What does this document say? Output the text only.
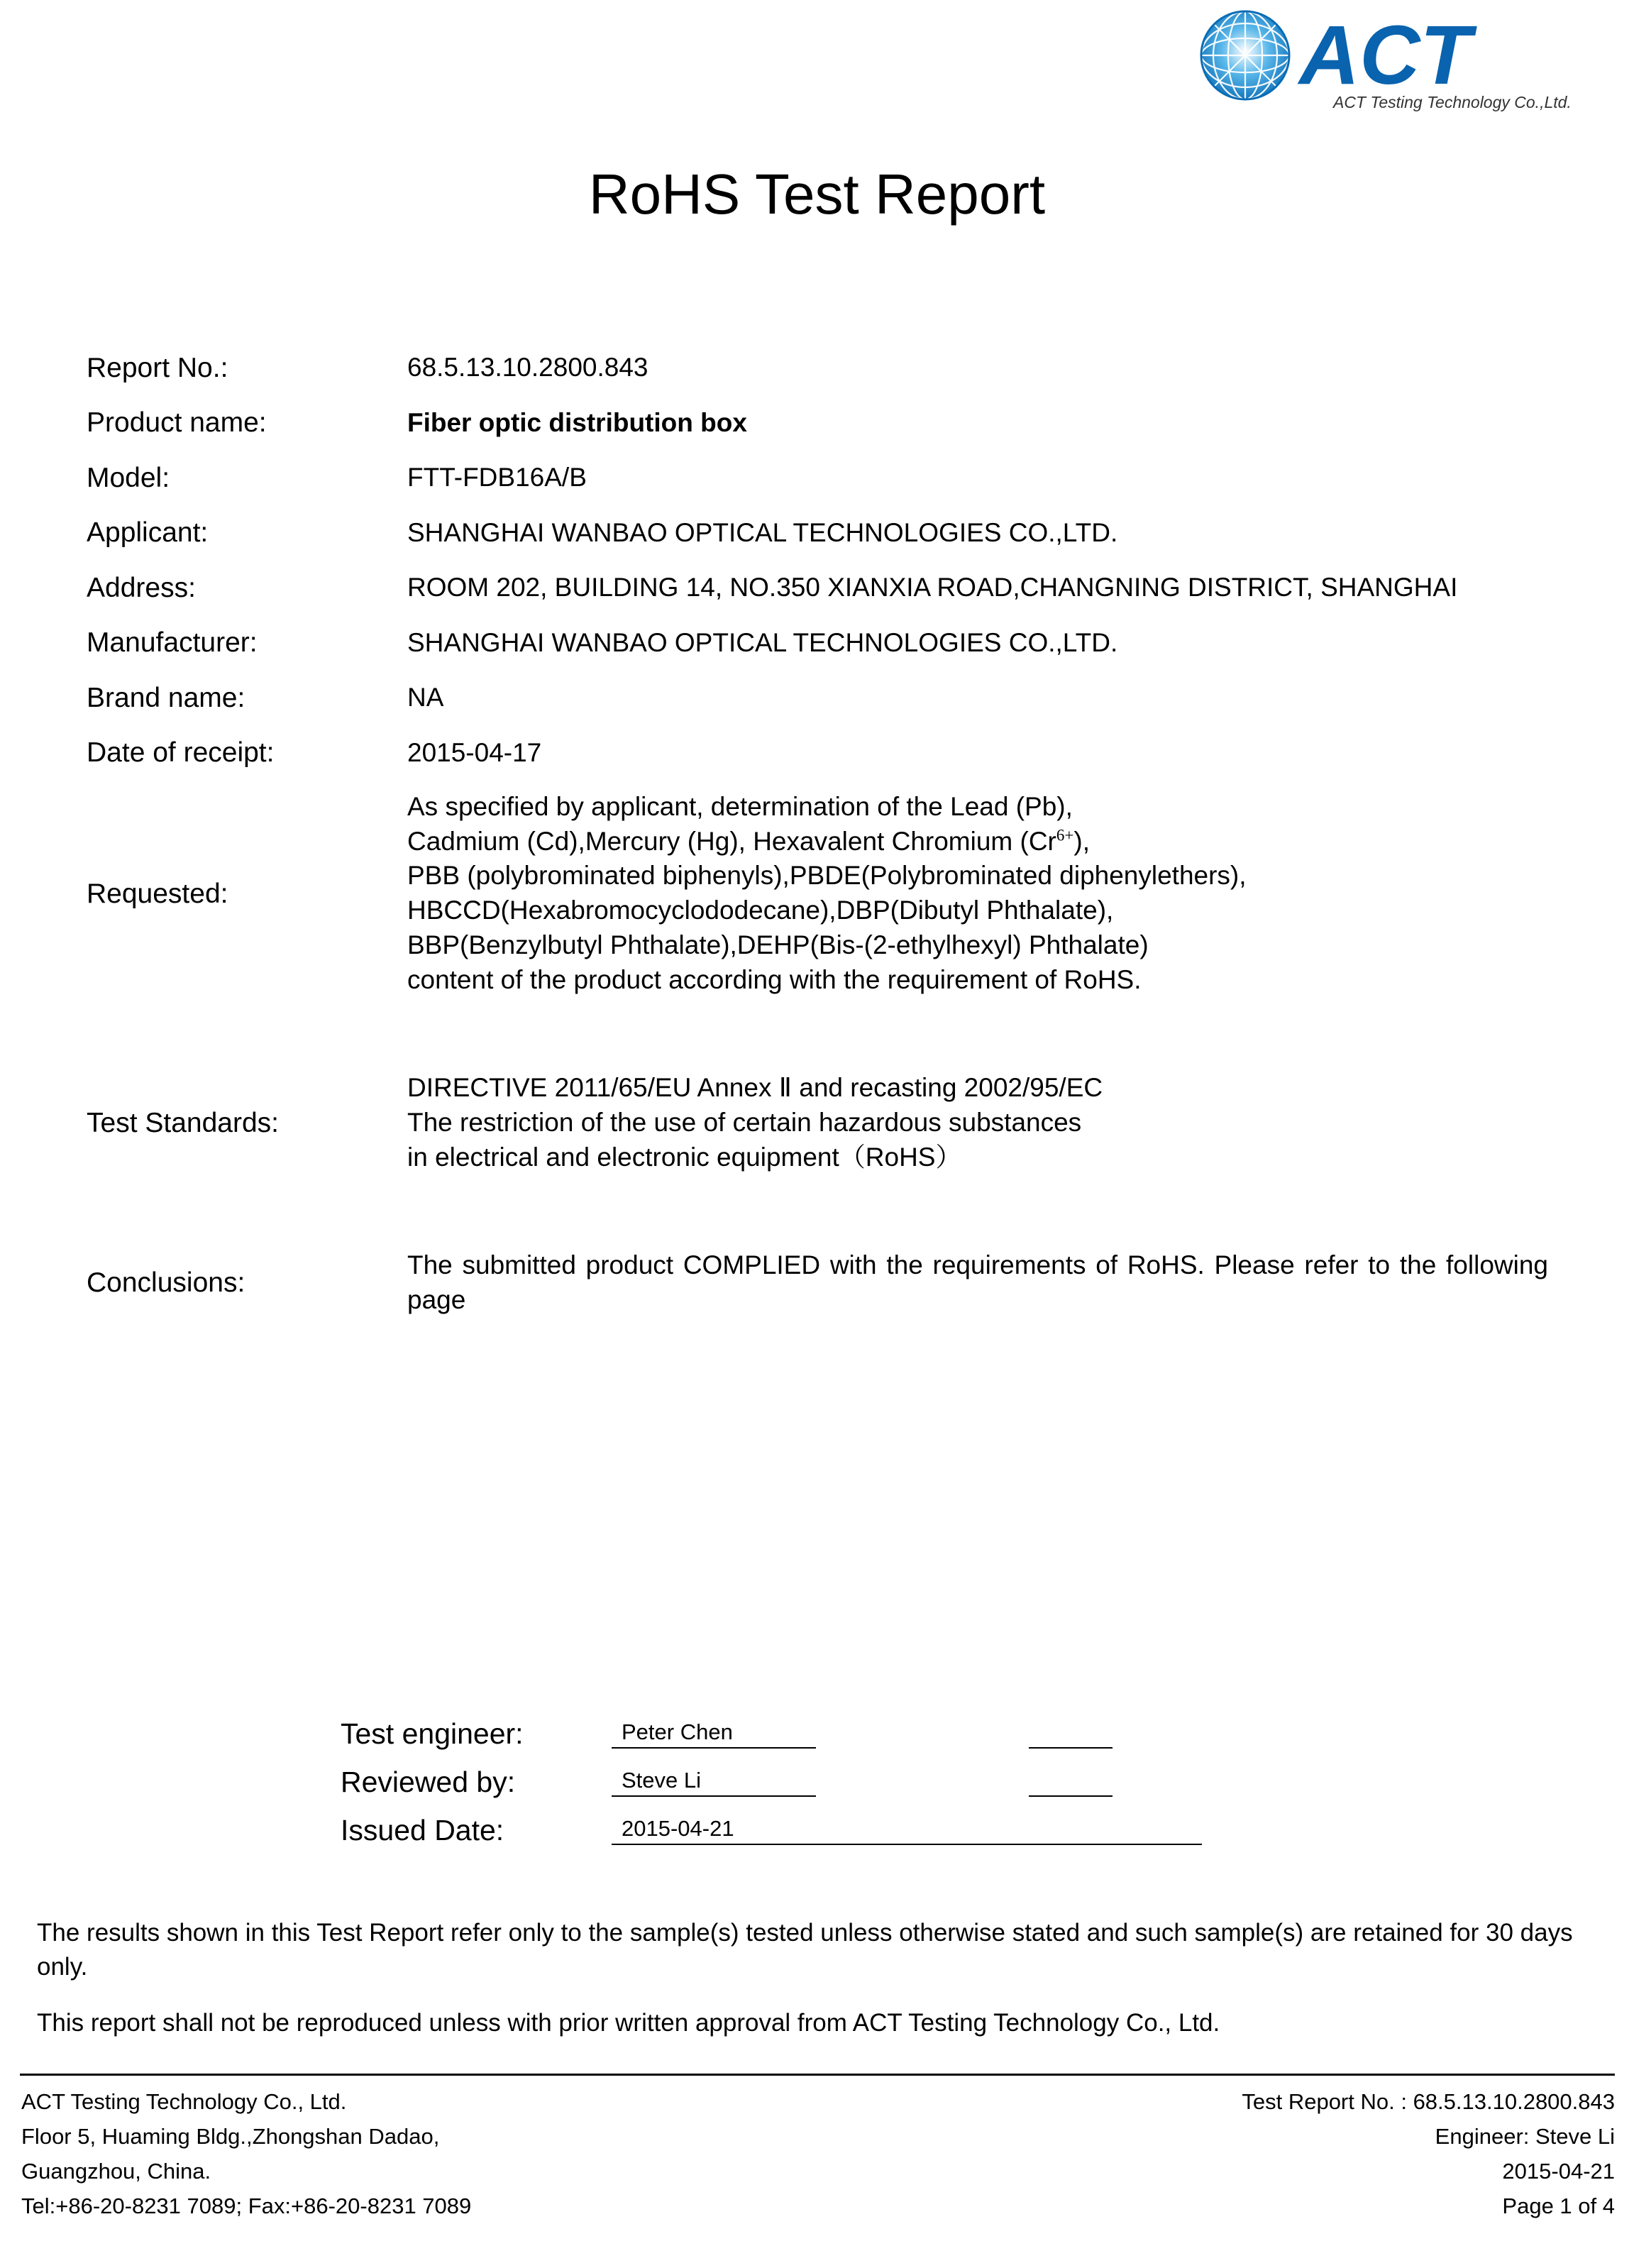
ACT
ACT Testing Technology Co.,Ltd.
RoHS Test Report
Report No.:	68.5.13.10.2800.843
Product name:	Fiber optic distribution box
Model:	FTT-FDB16A/B
Applicant:	SHANGHAI WANBAO OPTICAL TECHNOLOGIES CO.,LTD.
Address:	ROOM 202, BUILDING 14, NO.350 XIANXIA ROAD,CHANGNING DISTRICT, SHANGHAI
Manufacturer:	SHANGHAI WANBAO OPTICAL TECHNOLOGIES CO.,LTD.
Brand name:	NA
Date of receipt:	2015-04-17
Requested:	
As specified by applicant, determination of the Lead (Pb),
Cadmium (Cd),Mercury (Hg), Hexavalent Chromium $(Cr^{6+})$,
PBB (polybrominated biphenyls),PBDE(Polybrominated diphenylethers),
HBCCD(Hexabromocyclododecane),DBP(Dibutyl Phthalate),
BBP(Benzylbutyl Phthalate),DEHP(Bis-(2-ethylhexyl) Phthalate)
content of the product according with the requirement of RoHS.

Test Standards:	DIRECTIVE 2011/65/EU Annex Ⅱ and recasting 2002/95/EC
The restriction of the use of certain hazardous substances
in electrical and electronic equipment（RoHS）

Conclusions:	The submitted product COMPLIED with the requirements of RoHS. Please refer to the following page
Test engineer:	Peter Chen
Reviewed by:	Steve Li
Issued Date:	2015-04-21

The results shown in this Test Report refer only to the sample(s) tested unless otherwise stated and such sample(s) are retained for 30 days only.

This report shall not be reproduced unless with prior written approval from ACT Testing Technology Co., Ltd.

ACT Testing Technology Co., Ltd.	Test Report No. : 68.5.13.10.2800.843
Floor 5, Huaming Bldg.,Zhongshan Dadao,	Engineer: Steve Li
Guangzhou, China.	2015-04-21
Tel:+86-20-8231 7089; Fax:+86-20-8231 7089	Page 1 of 4
